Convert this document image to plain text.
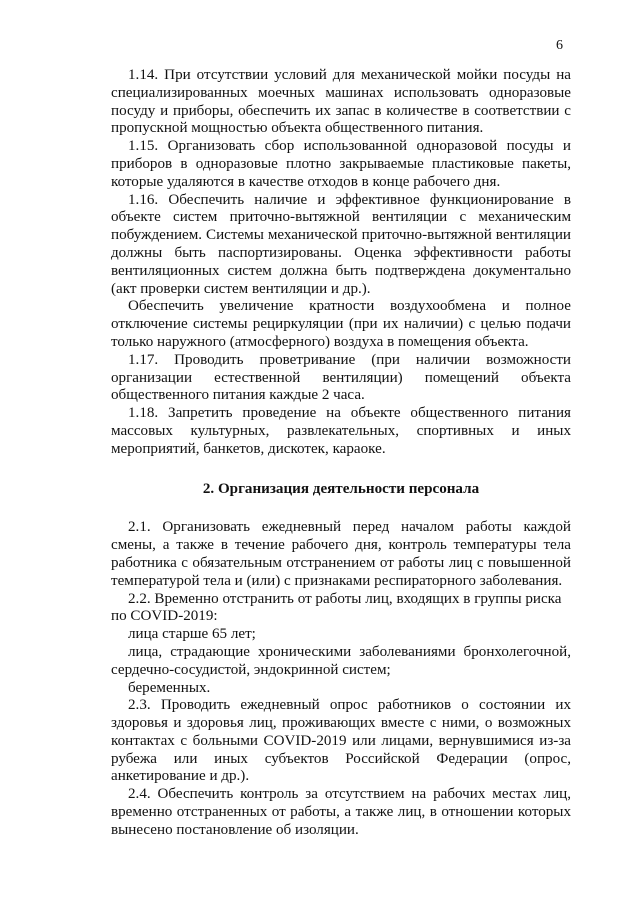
6

1.14. При отсутствии условий для механической мойки посуды на специализированных моечных машинах использовать одноразовые посуду и приборы, обеспечить их запас в количестве в соответствии с пропускной мощностью объекта общественного питания.

1.15. Организовать сбор использованной одноразовой посуды и приборов в одноразовые плотно закрываемые пластиковые пакеты, которые удаляются в качестве отходов в конце рабочего дня.

1.16. Обеспечить наличие и эффективное функционирование в объекте систем приточно-вытяжной вентиляции с механическим побуждением. Системы механической приточно-вытяжной вентиляции должны быть паспортизированы. Оценка эффективности работы вентиляционных систем должна быть подтверждена документально (акт проверки систем вентиляции и др.).

Обеспечить увеличение кратности воздухообмена и полное отключение системы рециркуляции (при их наличии) с целью подачи только наружного (атмосферного) воздуха в помещения объекта.

1.17. Проводить проветривание (при наличии возможности организации естественной вентиляции) помещений объекта общественного питания каждые 2 часа.

1.18. Запретить проведение на объекте общественного питания массовых культурных, развлекательных, спортивных и иных мероприятий, банкетов, дискотек, караоке.

2. Организация деятельности персонала

2.1. Организовать ежедневный перед началом работы каждой смены, а также в течение рабочего дня, контроль температуры тела работника с обязательным отстранением от работы лиц с повышенной температурой тела и (или) с признаками респираторного заболевания.

2.2. Временно отстранить от работы лиц, входящих в группы риска по COVID-2019:

лица старше 65 лет;

лица, страдающие хроническими заболеваниями бронхолегочной, сердечно-сосудистой, эндокринной систем;

беременных.

2.3. Проводить ежедневный опрос работников о состоянии их здоровья и здоровья лиц, проживающих вместе с ними, о возможных контактах с больными COVID-2019 или лицами, вернувшимися из-за рубежа или иных субъектов Российской Федерации (опрос, анкетирование и др.).

2.4. Обеспечить контроль за отсутствием на рабочих местах лиц, временно отстраненных от работы, а также лиц, в отношении которых вынесено постановление об изоляции.
